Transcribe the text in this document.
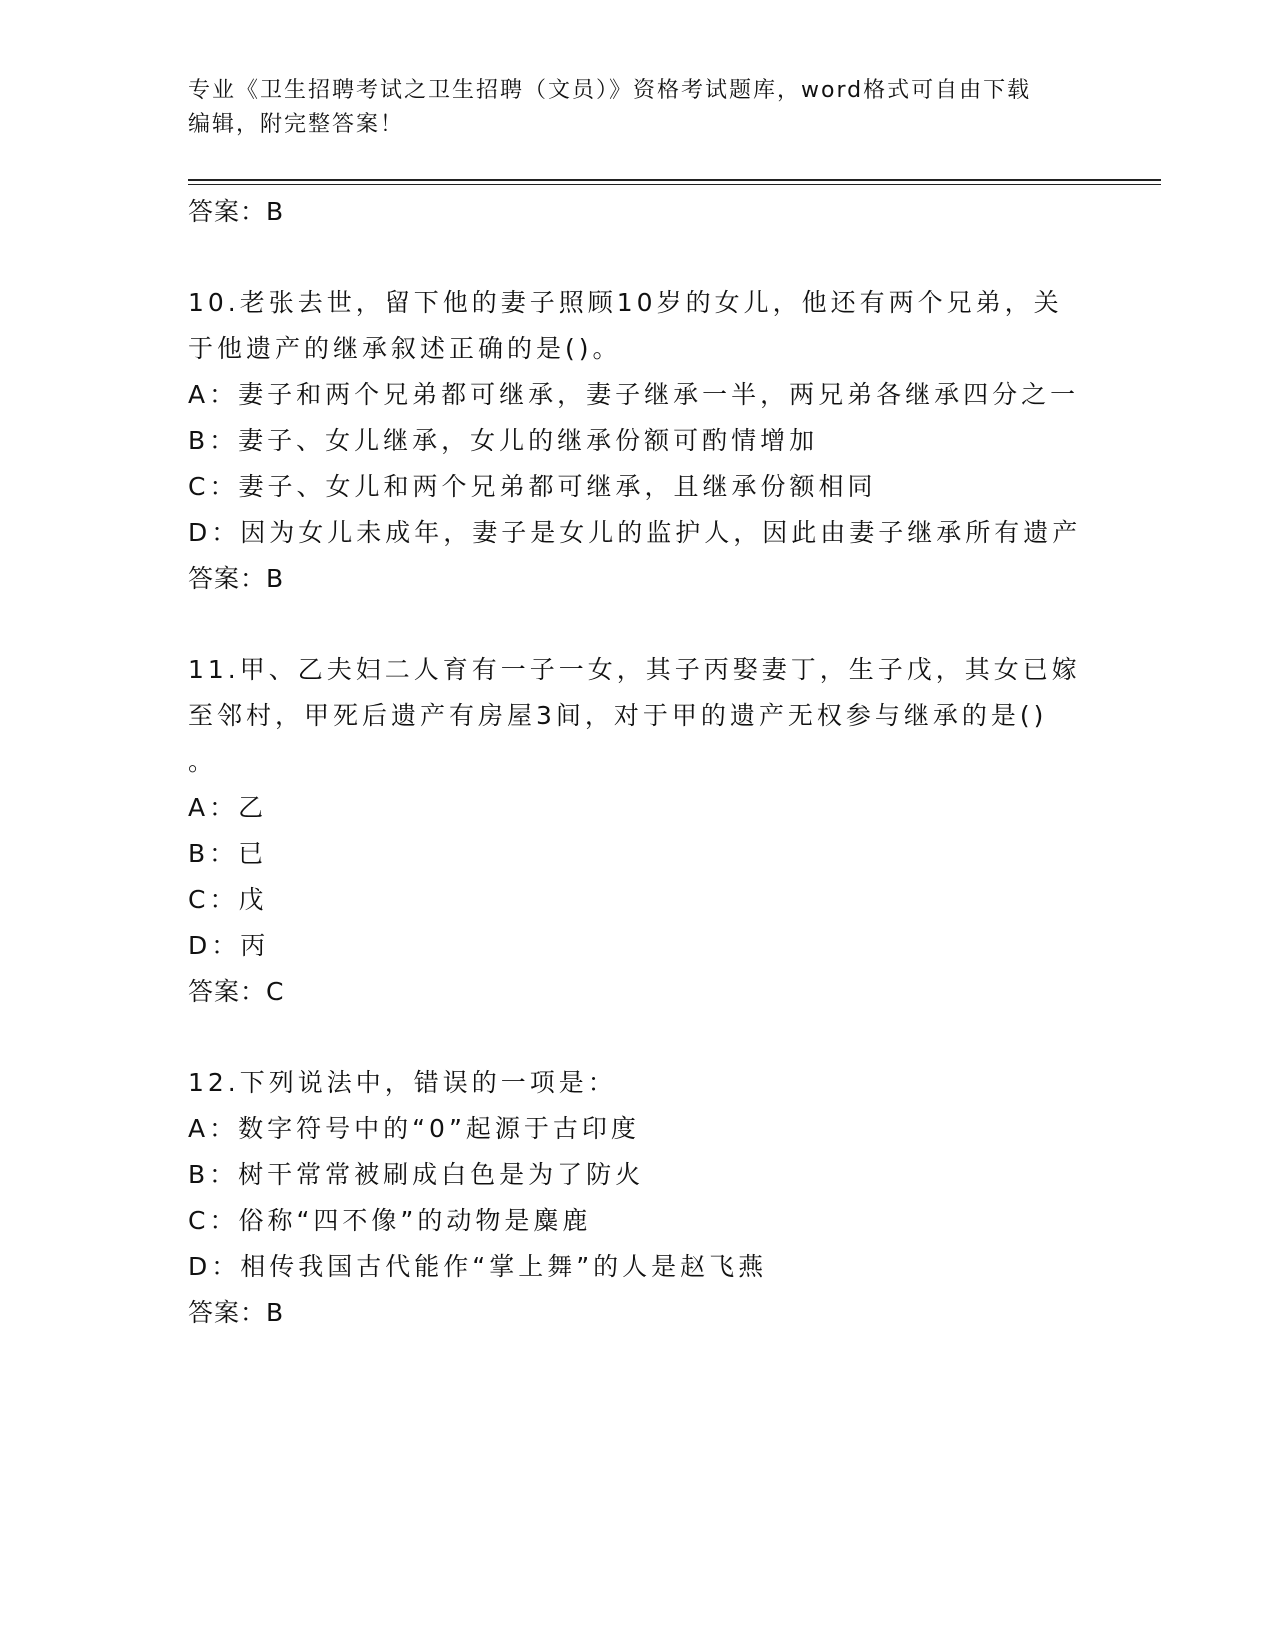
专业《卫生招聘考试之卫生招聘（文员）》资格考试题库，word格式可自由下载
编辑，附完整答案！
答案：B
10.老张去世，留下他的妻子照顾10岁的女儿，他还有两个兄弟，关
于他遗产的继承叙述正确的是()。
A：妻子和两个兄弟都可继承，妻子继承一半，两兄弟各继承四分之一
B：妻子、女儿继承，女儿的继承份额可酌情增加
C：妻子、女儿和两个兄弟都可继承，且继承份额相同
D：因为女儿未成年，妻子是女儿的监护人，因此由妻子继承所有遗产
答案：B
11.甲、乙夫妇二人育有一子一女，其子丙娶妻丁，生子戊，其女已嫁
至邻村，甲死后遗产有房屋3间，对于甲的遗产无权参与继承的是()
。
A：乙
B：已
C：戊
D：丙
答案：C
12.下列说法中，错误的一项是：
A：数字符号中的“0”起源于古印度
B：树干常常被刷成白色是为了防火
C：俗称“四不像”的动物是麋鹿
D：相传我国古代能作“掌上舞”的人是赵飞燕
答案：B
